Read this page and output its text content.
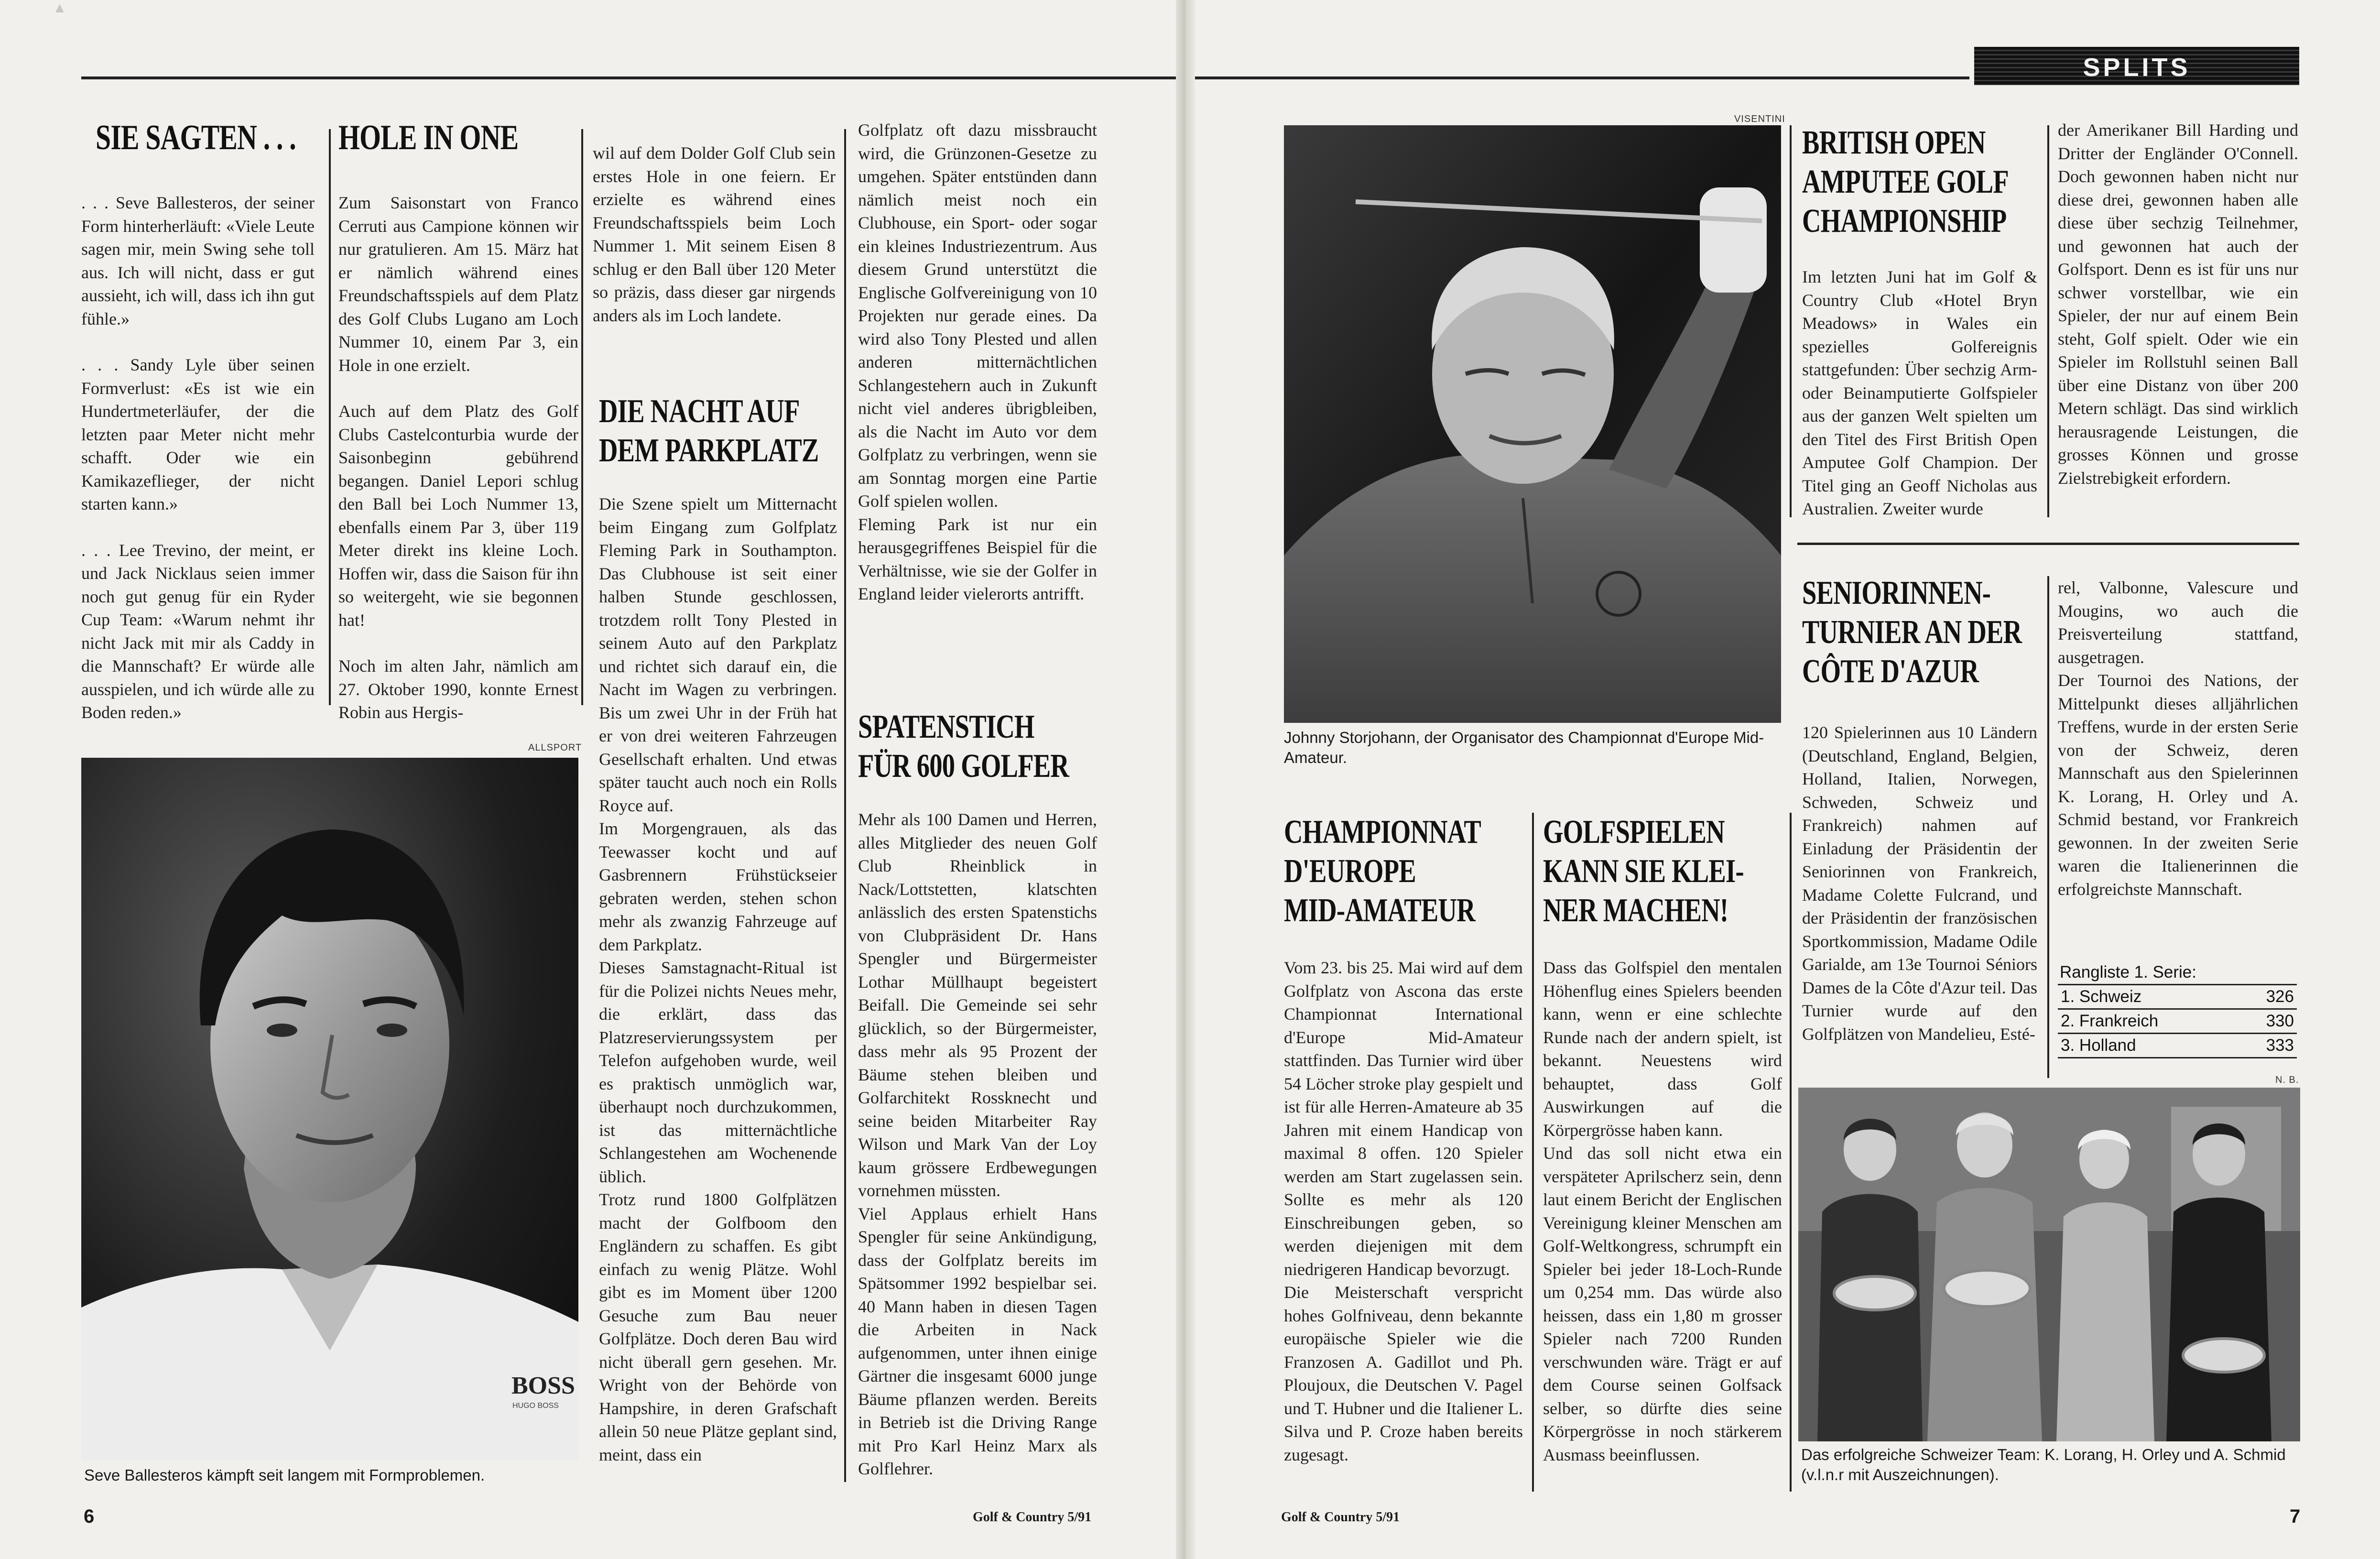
▲
SIE SAGTEN . . .

. . . Seve Ballesteros, der seiner Form hinterherläuft: «Viele Leute sagen mir, mein Swing sehe toll aus. Ich will nicht, dass er gut aussieht, ich will, dass ich ihn gut fühle.»

. . . Sandy Lyle über seinen Formverlust: «Es ist wie ein Hundertmeterläufer, der die letzten paar Meter nicht mehr schafft. Oder wie ein Kamikazeflieger, der nicht starten kann.»

. . . Lee Trevino, der meint, er und Jack Nicklaus seien immer noch gut genug für ein Ryder Cup Team: «Warum nehmt ihr nicht Jack mit mir als Caddy in die Mannschaft? Er würde alle ausspielen, und ich würde alle zu Boden reden.»

HOLE IN ONE

Zum Saisonstart von Franco Cerruti aus Campione können wir nur gratulieren. Am 15. März hat er nämlich während eines Freundschaftsspiels auf dem Platz des Golf Clubs Lugano am Loch Nummer 10, einem Par 3, ein Hole in one erzielt.

Auch auf dem Platz des Golf Clubs Castelconturbia wurde der Saisonbeginn gebührend begangen. Daniel Lepori schlug den Ball bei Loch Nummer 13, ebenfalls einem Par 3, über 119 Meter direkt ins kleine Loch. Hoffen wir, dass die Saison für ihn so weitergeht, wie sie begonnen hat!

Noch im alten Jahr, nämlich am 27. Oktober 1990, konnte Ernest Robin aus Hergis-

wil auf dem Dolder Golf Club sein erstes Hole in one feiern. Er erzielte es während eines Freundschaftsspiels beim Loch Nummer 1. Mit seinem Eisen 8 schlug er den Ball über 120 Meter so präzis, dass dieser gar nirgends anders als im Loch landete.

DIE NACHT AUF
DEM PARKPLATZ

Die Szene spielt um Mitternacht beim Eingang zum Golfplatz Fleming Park in Southampton. Das Clubhouse ist seit einer halben Stunde geschlossen, trotzdem rollt Tony Plested in seinem Auto auf den Parkplatz und richtet sich darauf ein, die Nacht im Wagen zu verbringen. Bis um zwei Uhr in der Früh hat er von drei weiteren Fahrzeugen Gesellschaft erhalten. Und etwas später taucht auch noch ein Rolls Royce auf.

Im Morgengrauen, als das Teewasser kocht und auf Gasbrennern Frühstückseier gebraten werden, stehen schon mehr als zwanzig Fahrzeuge auf dem Parkplatz.

Dieses Samstagnacht-Ritual ist für die Polizei nichts Neues mehr, die erklärt, dass das Platzreservierungssystem per Telefon aufgehoben wurde, weil es praktisch unmöglich war, überhaupt noch durchzukommen, ist das mitternächtliche Schlangestehen am Wochenende üblich.

Trotz rund 1800 Golfplätzen macht der Golfboom den Engländern zu schaffen. Es gibt einfach zu wenig Plätze. Wohl gibt es im Moment über 1200 Gesuche zum Bau neuer Golfplätze. Doch deren Bau wird nicht überall gern gesehen. Mr. Wright von der Behörde von Hampshire, in deren Grafschaft allein 50 neue Plätze geplant sind, meint, dass ein

Golfplatz oft dazu missbraucht wird, die Grünzonen-Gesetze zu umgehen. Später entstünden dann nämlich meist noch ein Clubhouse, ein Sport- oder sogar ein kleines Industriezentrum. Aus diesem Grund unterstützt die Englische Golfvereinigung von 10 Projekten nur gerade eines. Da wird also Tony Plested und allen anderen mitternächtlichen Schlangestehern auch in Zukunft nicht viel anderes übrigbleiben, als die Nacht im Auto vor dem Golfplatz zu verbringen, wenn sie am Sonntag morgen eine Partie Golf spielen wollen.

Fleming Park ist nur ein herausgegriffenes Beispiel für die Verhältnisse, wie sie der Golfer in England leider vielerorts antrifft.

SPATENSTICH
FÜR 600 GOLFER

Mehr als 100 Damen und Herren, alles Mitglieder des neuen Golf Club Rheinblick in Nack/Lottstetten, klatschten anlässlich des ersten Spatenstichs von Clubpräsident Dr. Hans Spengler und Bürgermeister Lothar Müllhaupt begeistert Beifall. Die Gemeinde sei sehr glücklich, so der Bürgermeister, dass mehr als 95 Prozent der Bäume stehen bleiben und Golfarchitekt Rossknecht und seine beiden Mitarbeiter Ray Wilson und Mark Van der Loy kaum grössere Erdbewegungen vornehmen müssten.

Viel Applaus erhielt Hans Spengler für seine Ankündigung, dass der Golfplatz bereits im Spätsommer 1992 bespielbar sei. 40 Mann haben in diesen Tagen die Arbeiten in Nack aufgenommen, unter ihnen einige Gärtner die insgesamt 6000 junge Bäume pflanzen werden. Bereits in Betrieb ist die Driving Range mit Pro Karl Heinz Marx als Golflehrer.

ALLSPORT
BOSS
HUGO BOSS
Seve Ballesteros kämpft seit langem mit Formproblemen.
6	Golf & Country 5/91
SPLITS
VISENTINI
Johnny Storjohann, der Organisator des Championnat d'Europe Mid-Amateur.
BRITISH OPEN
AMPUTEE GOLF
CHAMPIONSHIP

Im letzten Juni hat im Golf & Country Club «Hotel Bryn Meadows» in Wales ein spezielles Golfereignis stattgefunden: Über sechzig Arm- oder Beinamputierte Golfspieler aus der ganzen Welt spielten um den Titel des First British Open Amputee Golf Champion. Der Titel ging an Geoff Nicholas aus Australien. Zweiter wurde

der Amerikaner Bill Harding und Dritter der Engländer O'Connell. Doch gewonnen haben nicht nur diese drei, gewonnen haben alle diese über sechzig Teilnehmer, und gewonnen hat auch der Golfsport. Denn es ist für uns nur schwer vorstellbar, wie ein Spieler, der nur auf einem Bein steht, Golf spielt. Oder wie ein Spieler im Rollstuhl seinen Ball über eine Distanz von über 200 Metern schlägt. Das sind wirklich herausragende Leistungen, die grosses Können und grosse Zielstrebigkeit erfordern.

SENIORINNEN-
TURNIER AN DER
CÔTE D'AZUR

120 Spielerinnen aus 10 Ländern (Deutschland, England, Belgien, Holland, Italien, Norwegen, Schweden, Schweiz und Frankreich) nahmen auf Einladung der Präsidentin der Seniorinnen von Frankreich, Madame Colette Fulcrand, und der Präsidentin der französischen Sportkommission, Madame Odile Garialde, am 13e Tournoi Séniors Dames de la Côte d'Azur teil. Das Turnier wurde auf den Golfplätzen von Mandelieu, Esté-

rel, Valbonne, Valescure und Mougins, wo auch die Preisverteilung stattfand, ausgetragen.

Der Tournoi des Nations, der Mittelpunkt dieses alljährlichen Treffens, wurde in der ersten Serie von der Schweiz, deren Mannschaft aus den Spielerinnen K. Lorang, H. Orley und A. Schmid bestand, vor Frankreich gewonnen. In der zweiten Serie waren die Italienerinnen die erfolgreichste Mannschaft.

Rangliste 1. Serie:
1. Schweiz	326
2. Frankreich	330
3. Holland	333
N. B.
Das erfolgreiche Schweizer Team: K. Lorang, H. Orley und A. Schmid (v.l.n.r mit Auszeichnungen).
CHAMPIONNAT
D'EUROPE
MID-AMATEUR

Vom 23. bis 25. Mai wird auf dem Golfplatz von Ascona das erste Championnat International d'Europe Mid-Amateur stattfinden. Das Turnier wird über 54 Löcher stroke play gespielt und ist für alle Herren-Amateure ab 35 Jahren mit einem Handicap von maximal 8 offen. 120 Spieler werden am Start zugelassen sein. Sollte es mehr als 120 Einschreibungen geben, so werden diejenigen mit dem niedrigeren Handicap bevorzugt.

Die Meisterschaft verspricht hohes Golfniveau, denn bekannte europäische Spieler wie die Franzosen A. Gadillot und Ph. Ploujoux, die Deutschen V. Pagel und T. Hubner und die Italiener L. Silva und P. Croze haben bereits zugesagt.

GOLFSPIELEN
KANN SIE KLEI-
NER MACHEN!

Dass das Golfspiel den mentalen Höhenflug eines Spielers beenden kann, wenn er eine schlechte Runde nach der andern spielt, ist bekannt. Neuestens wird behauptet, dass Golf Auswirkungen auf die Körpergrösse haben kann.

Und das soll nicht etwa ein verspäteter Aprilscherz sein, denn laut einem Bericht der Englischen Vereinigung kleiner Menschen am Golf-Weltkongress, schrumpft ein Spieler bei jeder 18-Loch-Runde um 0,254 mm. Das würde also heissen, dass ein 1,80 m grosser Spieler nach 7200 Runden verschwunden wäre. Trägt er auf dem Course seinen Golfsack selber, so dürfte dies seine Körpergrösse in noch stärkerem Ausmass beeinflussen.

Golf & Country 5/91	7
